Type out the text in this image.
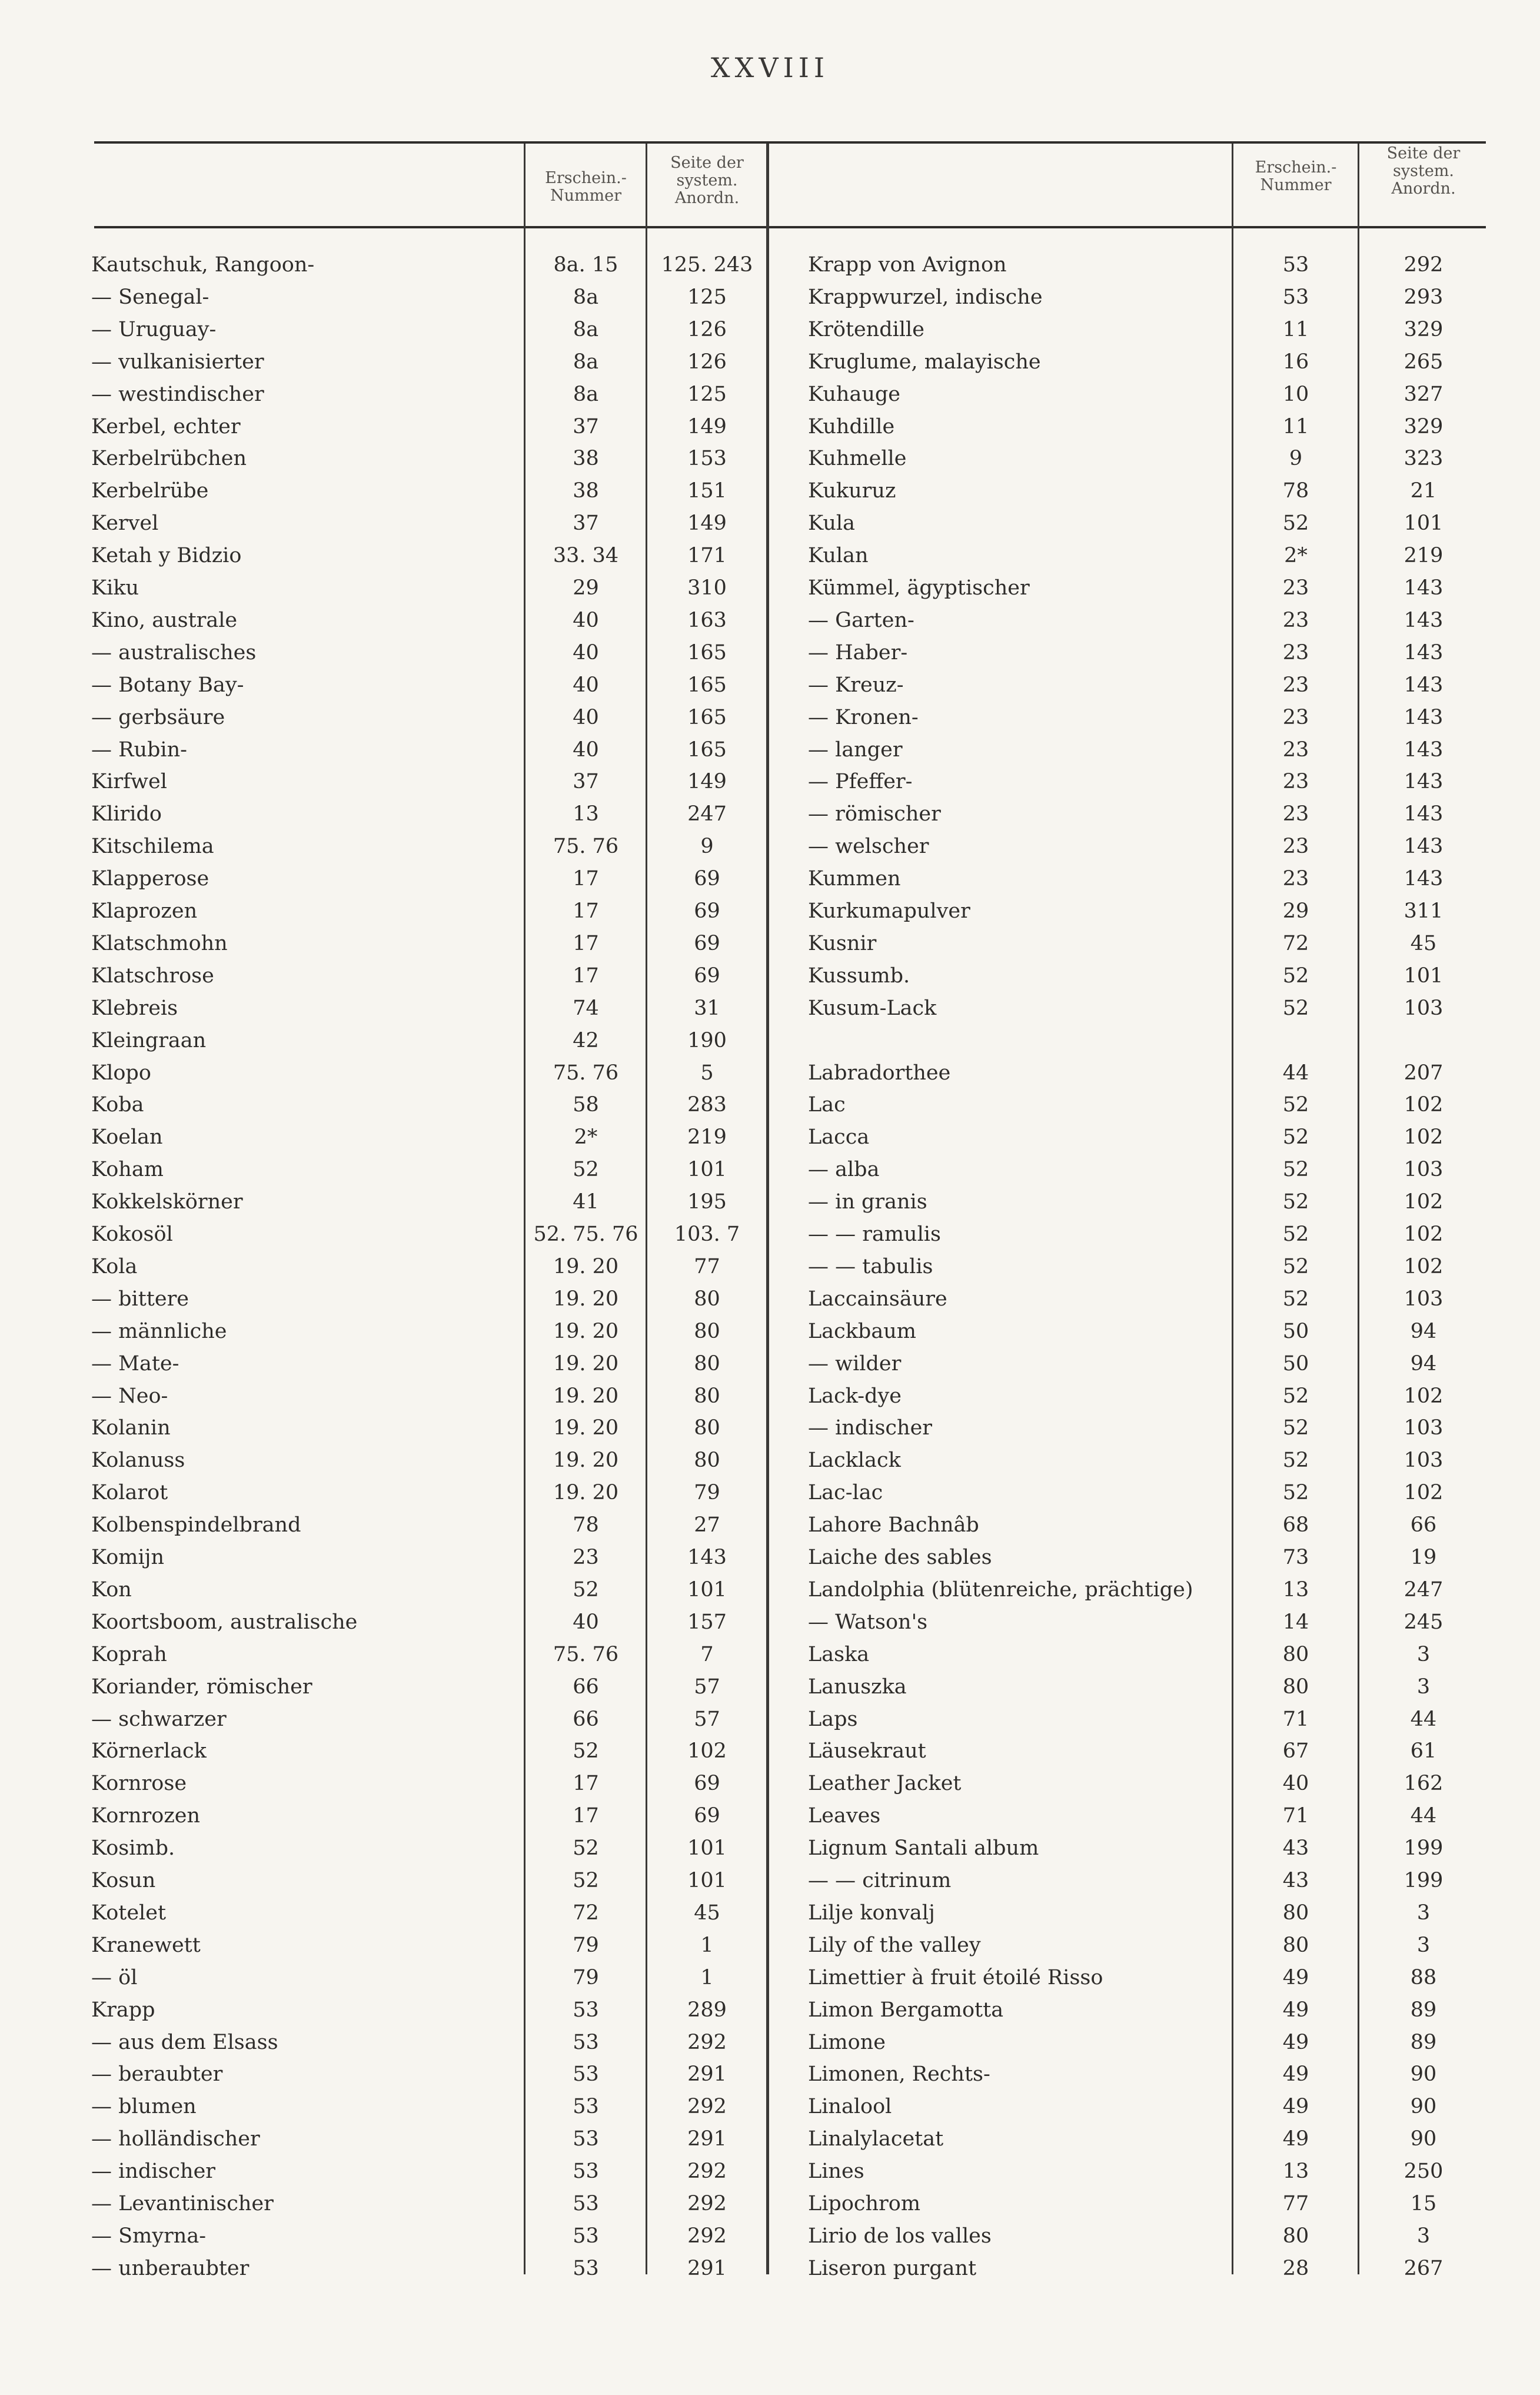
XXVIII
Erschein.-
Nummer
Seite der
system.
Anordn.
Erschein.-
Nummer
Seite der
system.
Anordn.
Kautschuk, Rangoon-	8a. 15	125. 243
— Senegal-	8a	125
— Uruguay-	8a	126
— vulkanisierter	8a	126
— westindischer	8a	125
Kerbel, echter	37	149
Kerbelrübchen	38	153
Kerbelrübe	38	151
Kervel	37	149
Ketah y Bidzio	33. 34	171
Kiku	29	310
Kino, australe	40	163
— australisches	40	165
— Botany Bay-	40	165
— gerbsäure	40	165
— Rubin-	40	165
Kirfwel	37	149
Klirido	13	247
Kitschilema	75. 76	9
Klapperose	17	69
Klaprozen	17	69
Klatschmohn	17	69
Klatschrose	17	69
Klebreis	74	31
Kleingraan	42	190
Klopo	75. 76	5
Koba	58	283
Koelan	2*	219
Koham	52	101
Kokkelskörner	41	195
Kokosöl	52. 75. 76	103. 7
Kola	19. 20	77
— bittere	19. 20	80
— männliche	19. 20	80
— Mate-	19. 20	80
— Neo-	19. 20	80
Kolanin	19. 20	80
Kolanuss	19. 20	80
Kolarot	19. 20	79
Kolbenspindelbrand	78	27
Komijn	23	143
Kon	52	101
Koortsboom, australische	40	157
Koprah	75. 76	7
Koriander, römischer	66	57
— schwarzer	66	57
Körnerlack	52	102
Kornrose	17	69
Kornrozen	17	69
Kosimb.	52	101
Kosun	52	101
Kotelet	72	45
Kranewett	79	1
— öl	79	1
Krapp	53	289
— aus dem Elsass	53	292
— beraubter	53	291
— blumen	53	292
— holländischer	53	291
— indischer	53	292
— Levantinischer	53	292
— Smyrna-	53	292
— unberaubter	53	291
Krapp von Avignon	53	292
Krappwurzel, indische	53	293
Krötendille	11	329
Kruglume, malayische	16	265
Kuhauge	10	327
Kuhdille	11	329
Kuhmelle	9	323
Kukuruz	78	21
Kula	52	101
Kulan	2*	219
Kümmel, ägyptischer	23	143
— Garten-	23	143
— Haber-	23	143
— Kreuz-	23	143
— Kronen-	23	143
— langer	23	143
— Pfeffer-	23	143
— römischer	23	143
— welscher	23	143
Kummen	23	143
Kurkumapulver	29	311
Kusnir	72	45
Kussumb.	52	101
Kusum-Lack	52	103
Labradorthee	44	207
Lac	52	102
Lacca	52	102
— alba	52	103
— in granis	52	102
— — ramulis	52	102
— — tabulis	52	102
Laccainsäure	52	103
Lackbaum	50	94
— wilder	50	94
Lack-dye	52	102
— indischer	52	103
Lacklack	52	103
Lac-lac	52	102
Lahore Bachnâb	68	66
Laiche des sables	73	19
Landolphia (blütenreiche, prächtige)	13	247
— Watson's	14	245
Laska	80	3
Lanuszka	80	3
Laps	71	44
Läusekraut	67	61
Leather Jacket	40	162
Leaves	71	44
Lignum Santali album	43	199
— — citrinum	43	199
Lilje konvalj	80	3
Lily of the valley	80	3
Limettier à fruit étoilé Risso	49	88
Limon Bergamotta	49	89
Limone	49	89
Limonen, Rechts-	49	90
Linalool	49	90
Linalylacetat	49	90
Lines	13	250
Lipochrom	77	15
Lirio de los valles	80	3
Liseron purgant	28	267
